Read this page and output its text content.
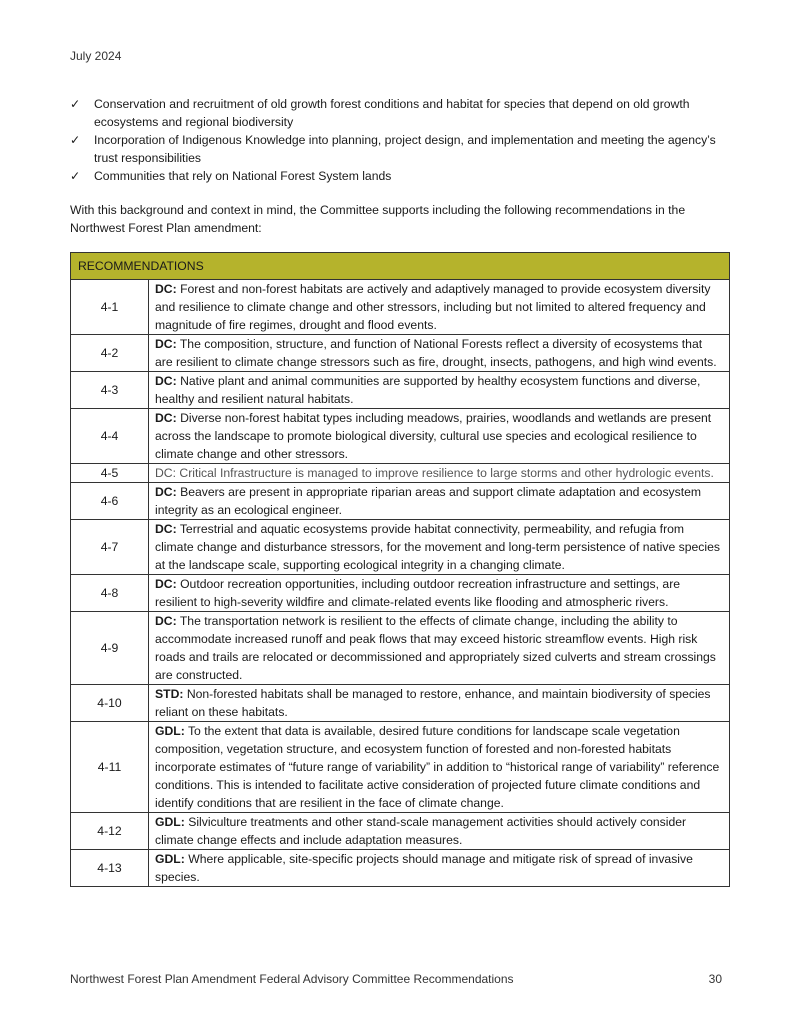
July 2024
✓	Conservation and recruitment of old growth forest conditions and habitat for species that depend on old growth ecosystems and regional biodiversity
✓	Incorporation of Indigenous Knowledge into planning, project design, and implementation and meeting the agency’s trust responsibilities
✓	Communities that rely on National Forest System lands

With this background and context in mind, the Committee supports including the following recommendations in the Northwest Forest Plan amendment:

RECOMMENDATIONS	
4-1	DC: Forest and non-forest habitats are actively and adaptively managed to provide ecosystem diversity and resilience to climate change and other stressors, including but not limited to altered frequency and magnitude of fire regimes, drought and flood events.
4-2	DC: The composition, structure, and function of National Forests reflect a diversity of ecosystems that are resilient to climate change stressors such as fire, drought, insects, pathogens, and high wind events.
4-3	DC: Native plant and animal communities are supported by healthy ecosystem functions and diverse, healthy and resilient natural habitats.
4-4	DC: Diverse non-forest habitat types including meadows, prairies, woodlands and wetlands are present across the landscape to promote biological diversity, cultural use species and ecological resilience to climate change and other stressors.
4-5	DC: Critical Infrastructure is managed to improve resilience to large storms and other hydrologic events.
4-6	DC: Beavers are present in appropriate riparian areas and support climate adaptation and ecosystem integrity as an ecological engineer.
4-7	DC: Terrestrial and aquatic ecosystems provide habitat connectivity, permeability, and refugia from climate change and disturbance stressors, for the movement and long-term persistence of native species at the landscape scale, supporting ecological integrity in a changing climate.
4-8	DC: Outdoor recreation opportunities, including outdoor recreation infrastructure and settings, are resilient to high-severity wildfire and climate-related events like flooding and atmospheric rivers.
4-9	DC: The transportation network is resilient to the effects of climate change, including the ability to accommodate increased runoff and peak flows that may exceed historic streamflow events. High risk roads and trails are relocated or decommissioned and appropriately sized culverts and stream crossings are constructed.
4-10	STD: Non-forested habitats shall be managed to restore, enhance, and maintain biodiversity of species reliant on these habitats.
4-11	GDL: To the extent that data is available, desired future conditions for landscape scale vegetation composition, vegetation structure, and ecosystem function of forested and non-forested habitats incorporate estimates of “future range of variability” in addition to “historical range of variability” reference conditions. This is intended to facilitate active consideration of projected future climate conditions and identify conditions that are resilient in the face of climate change.
4-12	GDL: Silviculture treatments and other stand-scale management activities should actively consider climate change effects and include adaptation measures.
4-13	GDL: Where applicable, site-specific projects should manage and mitigate risk of spread of invasive species.
Northwest Forest Plan Amendment Federal Advisory Committee Recommendations	30
